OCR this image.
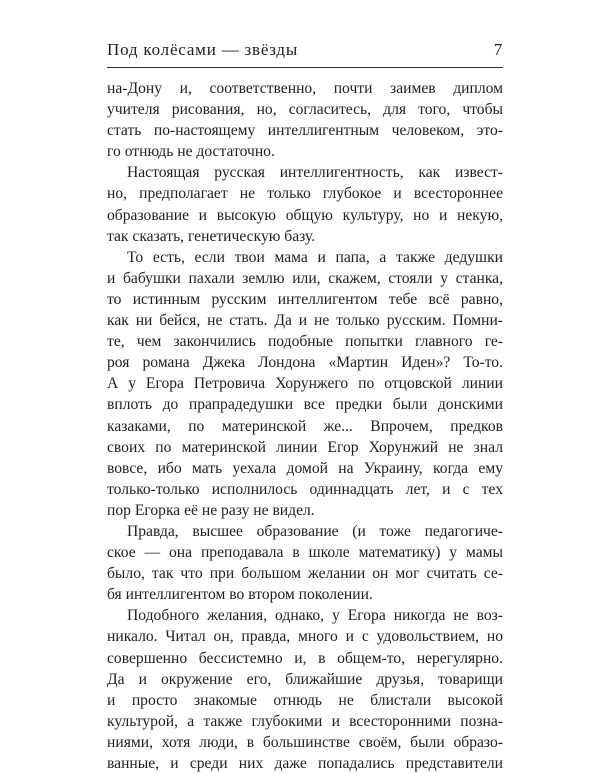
Под колёсами — звёзды	7
на-Дону и, соответственно, почти заимев диплом
учителя рисования, но, согласитесь, для того, чтобы
стать по-настоящему интеллигентным человеком, это-
го отнюдь не достаточно.
Настоящая русская интеллигентность, как извест-
но, предполагает не только глубокое и всестороннее
образование и высокую общую культуру, но и некую,
так сказать, генетическую базу.
То есть, если твои мама и папа, а также дедушки
и бабушки пахали землю или, скажем, стояли у станка,
то истинным русским интеллигентом тебе всё равно,
как ни бейся, не стать. Да и не только русским. Помни-
те, чем закончились подобные попытки главного ге-
роя романа Джека Лондона «Мартин Иден»? То-то.
А у Егора Петровича Хорунжего по отцовской линии
вплоть до прапрадедушки все предки были донскими
казаками, по материнской же... Впрочем, предков
своих по материнской линии Егор Хорунжий не знал
вовсе, ибо мать уехала домой на Украину, когда ему
только-только исполнилось одиннадцать лет, и с тех
пор Егорка её не разу не видел.
Правда, высшее образование (и тоже педагогиче-
ское — она преподавала в школе математику) у мамы
было, так что при большом желании он мог считать се-
бя интеллигентом во втором поколении.
Подобного желания, однако, у Егора никогда не воз-
никало. Читал он, правда, много и с удовольствием, но
совершенно бессистемно и, в общем-то, нерегулярно.
Да и окружение его, ближайшие друзья, товарищи
и просто знакомые отнюдь не блистали высокой
культурой, а также глубокими и всесторонними позна-
ниями, хотя люди, в большинстве своём, были образо-
ванные, и среди них даже попадались представители
